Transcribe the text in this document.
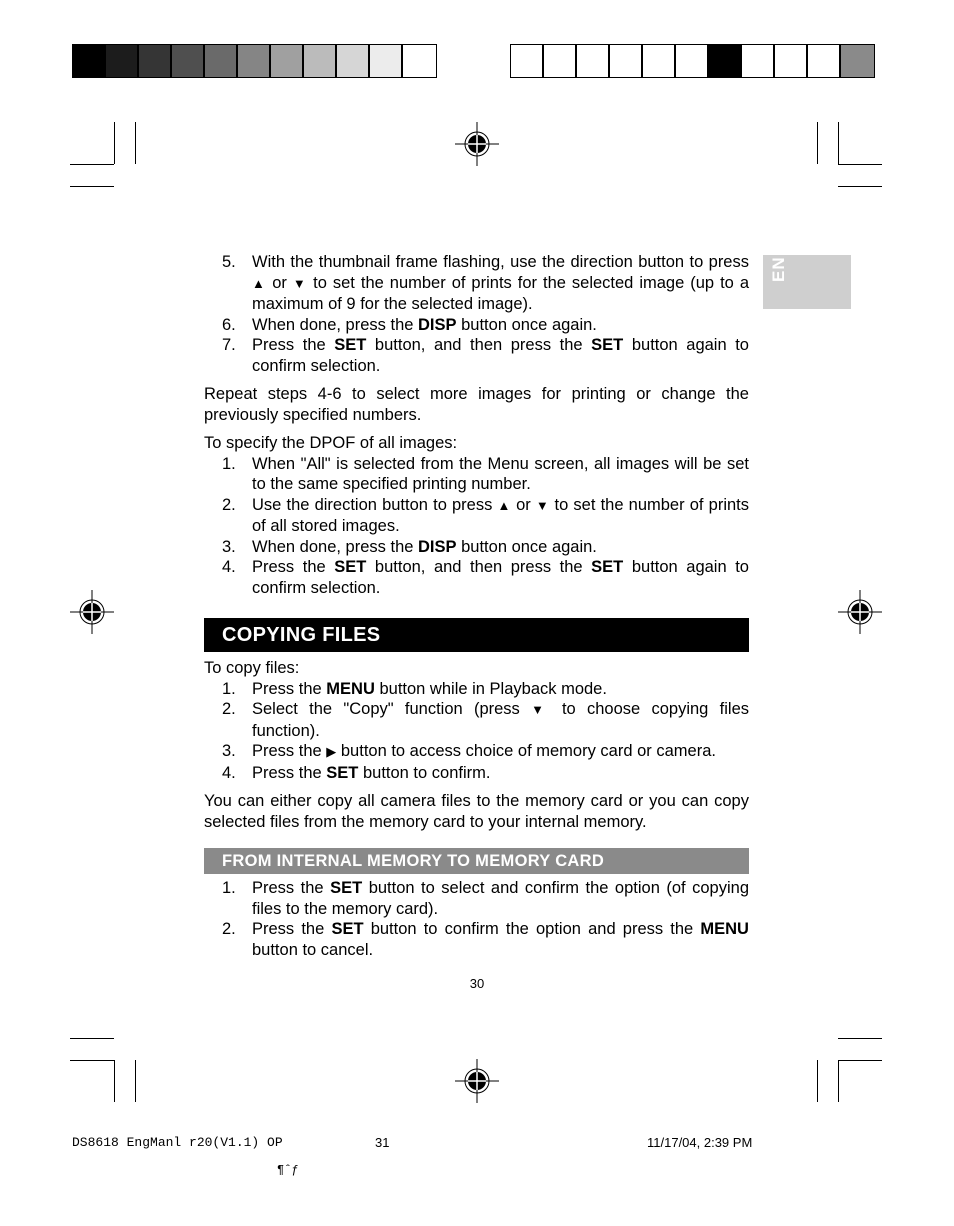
EN
5. With the thumbnail frame flashing, use the direction button to press ▲ or ▼ to set the number of prints for the selected image (up to a maximum of 9 for the selected image).
6. When done, press the DISP button once again.
7. Press the SET button, and then press the SET button again to confirm selection.

Repeat steps 4-6 to select more images for printing or change the previously specified numbers.

To specify the DPOF of all images:

1. When "All" is selected from the Menu screen, all images will be set to the same specified printing number.
2. Use the direction button to press ▲ or ▼ to set the number of prints of all stored images.
3. When done, press the DISP button once again.
4. Press the SET button, and then press the SET button again to confirm selection.
COPYING FILES

To copy files:

1. Press the MENU button while in Playback mode.
2. Select the "Copy" function (press ▼ to choose copying files function).
3. Press the ▶ button to access choice of memory card or camera.
4. Press the SET button to confirm.

You can either copy all camera files to the memory card or you can copy selected files from the memory card to your internal memory.

FROM INTERNAL MEMORY TO MEMORY CARD
1. Press the SET button to select and confirm the option (of copying files to the memory card).
2. Press the SET button to confirm the option and press the MENU button to cancel.
30
DS8618 EngManl r20(V1.1) OP	31	11/17/04, 2:39 PM
¶ˆƒ
